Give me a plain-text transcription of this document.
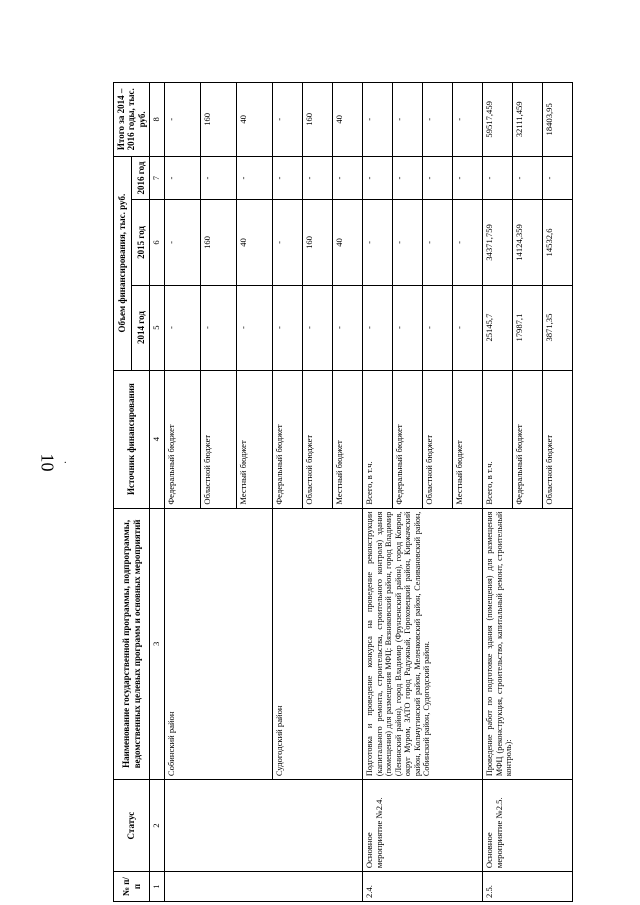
10 .
№ п/п	Статус	Наименование государственной программы, подпрограммы, ведомственных целевых программ и основных мероприятий	Источник финансирования	Объем финансирования, тыс. руб.			Итого за 2014 – 2016 годы, тыс. руб.
				2014 год	2015 год	2016 год	
1	2	3	4	5	6	7	8
		Собинский район	Федеральный бюджет	-	-	-	-
			Областной бюджет	-	160	-	160
			Местный бюджет	-	40	-	40
		Судогодский район	Федеральный бюджет	-	-	-	-
			Областной бюджет	-	160	-	160
			Местный бюджет	-	40	-	40
2.4.	Основное мероприятие №2.4.	Подготовка и проведение конкурса на проведение реконструкции (капитального ремонта, строительства, строительного контроля) здания (помещения) для размещения МФЦ: Вязниковский район, город Владимир (Ленинский район), город Владимир (Фрунзенский район), город Ковров, округ Муром, ЗАТО город Радужный, Гороховецкий район, Киржачский район, Кольчугинский район, Меленковский район, Селивановский район, Собинский район, Судогодский район.	Всего, в т.ч.	-	-	-	-
			Федеральный бюджет	-	-	-	-
			Областной бюджет	-	-	-	-
			Местный бюджет	-	-	-	-
2.5.	Основное мероприятие №2.5.	Проведение работ по подготовке здания (помещения) для размещения МФЦ (реконструкция, строительство, капитальный ремонт, строительный контроль):	Всего, в т.ч.	25145,7	34371,759	-	59517,459
			Федеральный бюджет	17987,1	14124,359	-	32111,459
			Областной бюджет	3871,35	14532,6	-	18403,95
